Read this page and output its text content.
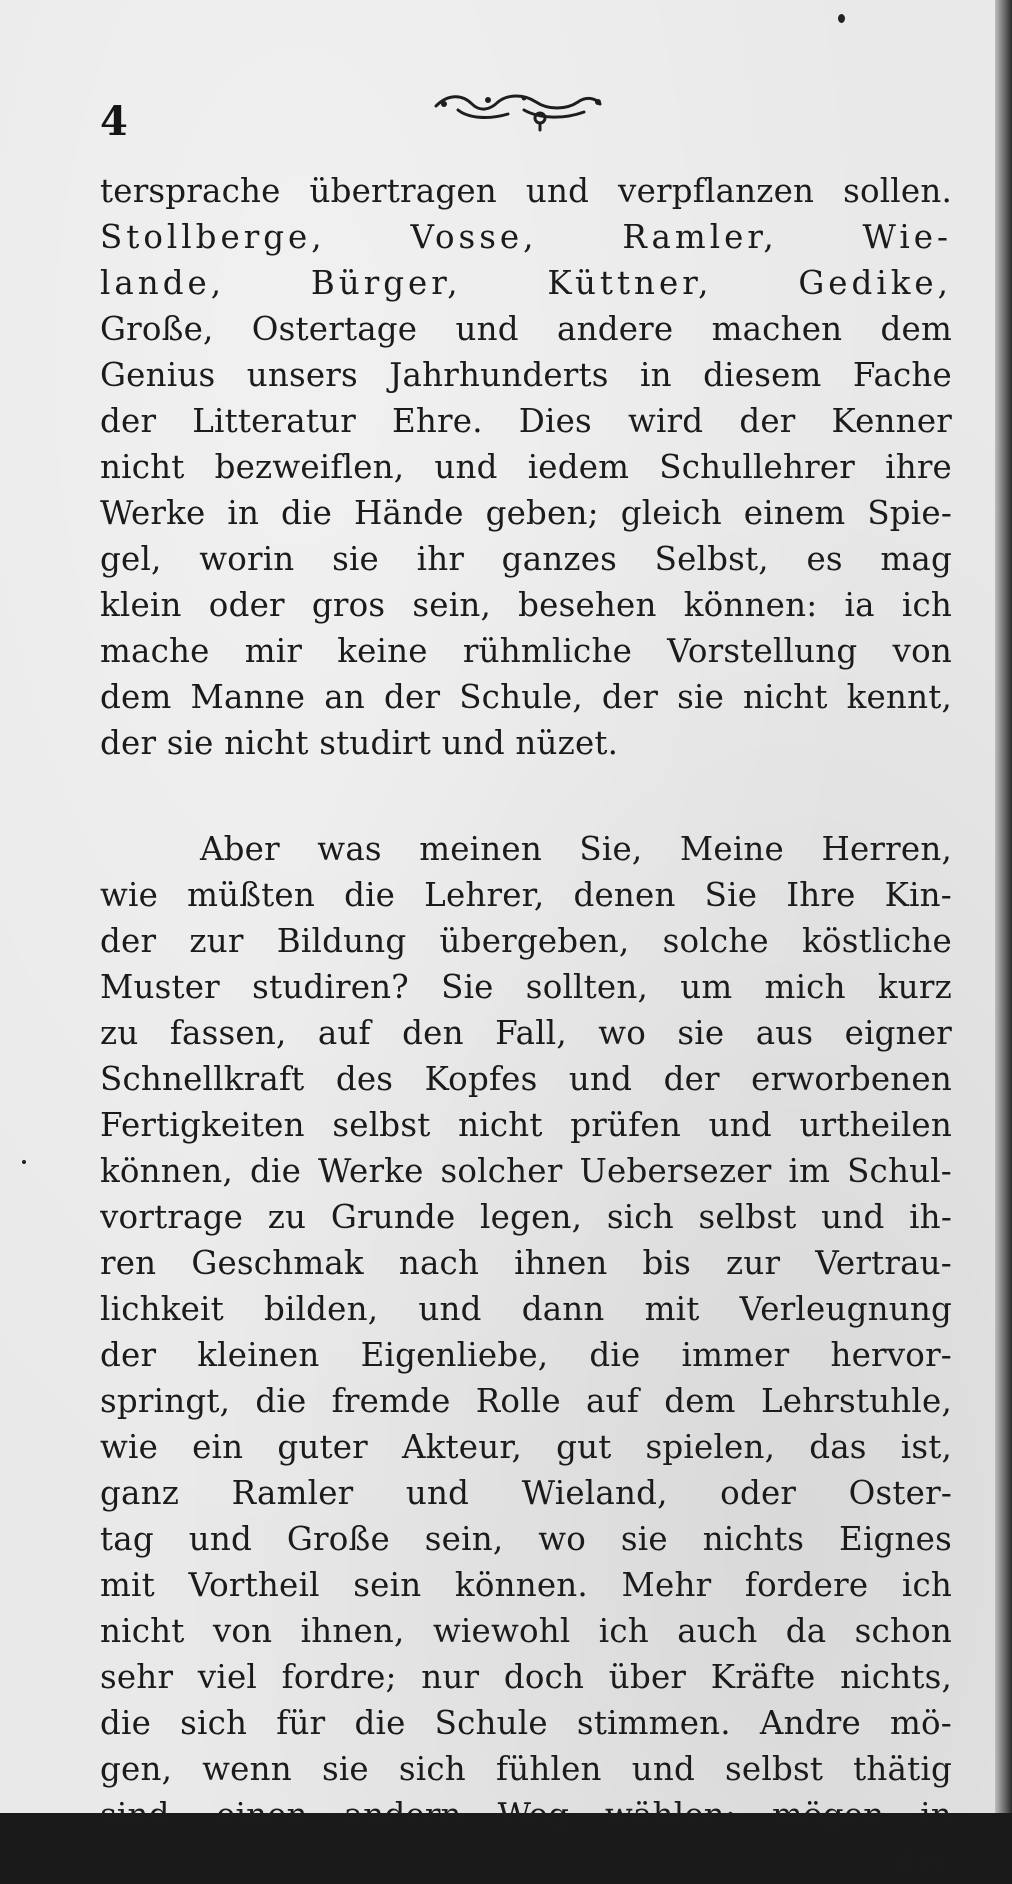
4
tersprache übertragen und verpflanzen sollen.
Stollberge, Vosse, Ramler, Wie-
lande, Bürger, Küttner, Gedike,
Große, Ostertage und andere machen dem
Genius unsers Jahrhunderts in diesem Fache
der Litteratur Ehre. Dies wird der Kenner
nicht bezweiflen, und iedem Schullehrer ihre
Werke in die Hände geben; gleich einem Spie-
gel, worin sie ihr ganzes Selbst, es mag
klein oder gros sein, besehen können: ia ich
mache mir keine rühmliche Vorstellung von
dem Manne an der Schule, der sie nicht kennt,
der sie nicht studirt und nüzet.
Aber was meinen Sie, Meine Herren,
wie müßten die Lehrer, denen Sie Ihre Kin-
der zur Bildung übergeben, solche köstliche
Muster studiren? Sie sollten, um mich kurz
zu fassen, auf den Fall, wo sie aus eigner
Schnellkraft des Kopfes und der erworbenen
Fertigkeiten selbst nicht prüfen und urtheilen
können, die Werke solcher Uebersezer im Schul-
vortrage zu Grunde legen, sich selbst und ih-
ren Geschmak nach ihnen bis zur Vertrau-
lichkeit bilden, und dann mit Verleugnung
der kleinen Eigenliebe, die immer hervor-
springt, die fremde Rolle auf dem Lehrstuhle,
wie ein guter Akteur, gut spielen, das ist,
ganz Ramler und Wieland, oder Oster-
tag und Große sein, wo sie nichts Eignes
mit Vortheil sein können. Mehr fordere ich
nicht von ihnen, wiewohl ich auch da schon
sehr viel fordre; nur doch über Kräfte nichts,
die sich für die Schule stimmen. Andre mö-
gen, wenn sie sich fühlen und selbst thätig
sind, einen andern Weg wählen; mögen in
der
